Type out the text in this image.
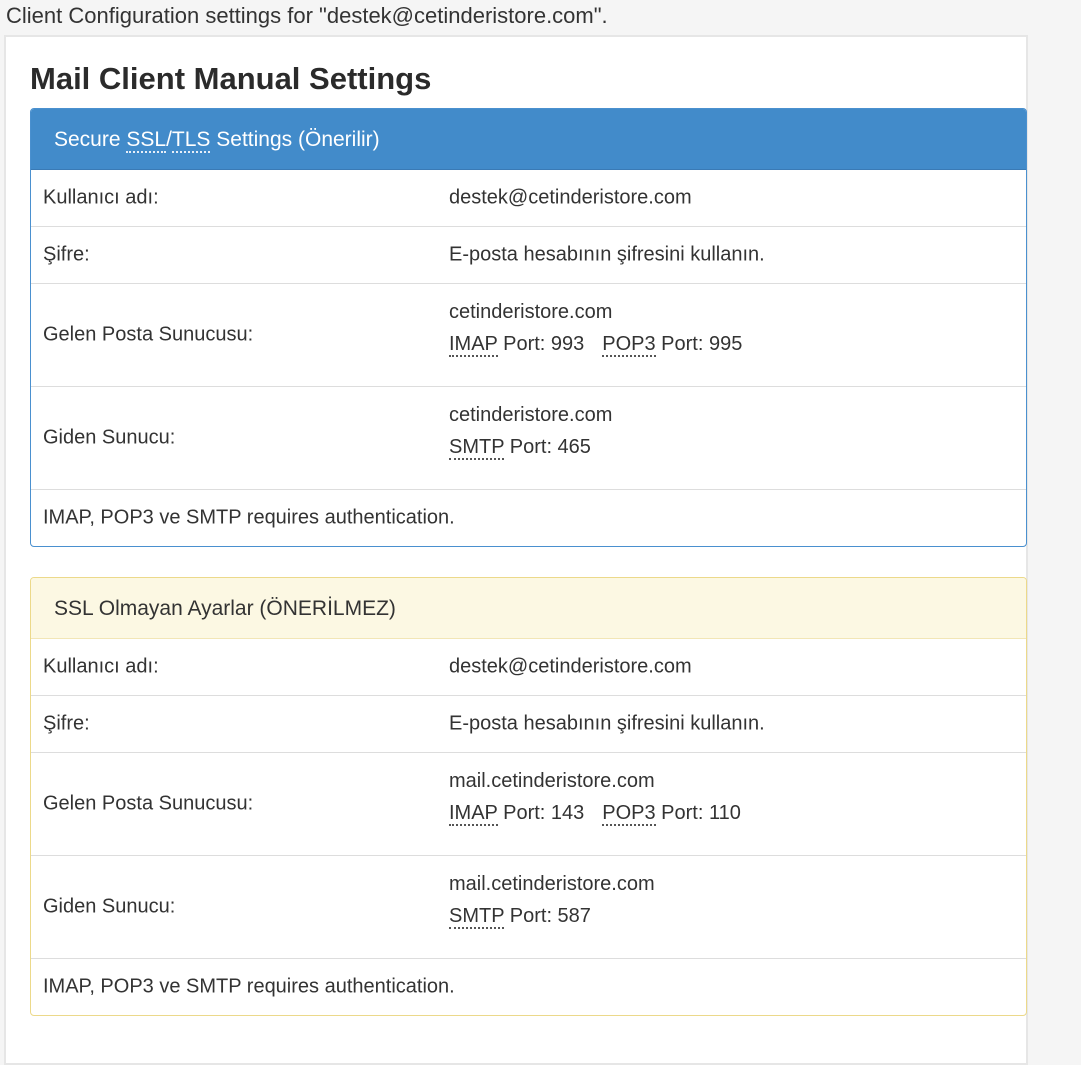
Client Configuration settings for "destek@cetinderistore.com".
Mail Client Manual Settings
Secure SSL/TLS Settings (Önerilir)
Kullanıcı adı:	destek@cetinderistore.com
Şifre:	E-posta hesabının şifresini kullanın.
Gelen Posta Sunucusu:
cetinderistore.com
IMAP Port: 993 POP3 Port: 995
Giden Sunucu:
cetinderistore.com
SMTP Port: 465
IMAP, POP3 ve SMTP requires authentication.
SSL Olmayan Ayarlar (ÖNERİLMEZ)
Kullanıcı adı:	destek@cetinderistore.com
Şifre:	E-posta hesabının şifresini kullanın.
Gelen Posta Sunucusu:
mail.cetinderistore.com
IMAP Port: 143 POP3 Port: 110
Giden Sunucu:
mail.cetinderistore.com
SMTP Port: 587
IMAP, POP3 ve SMTP requires authentication.
